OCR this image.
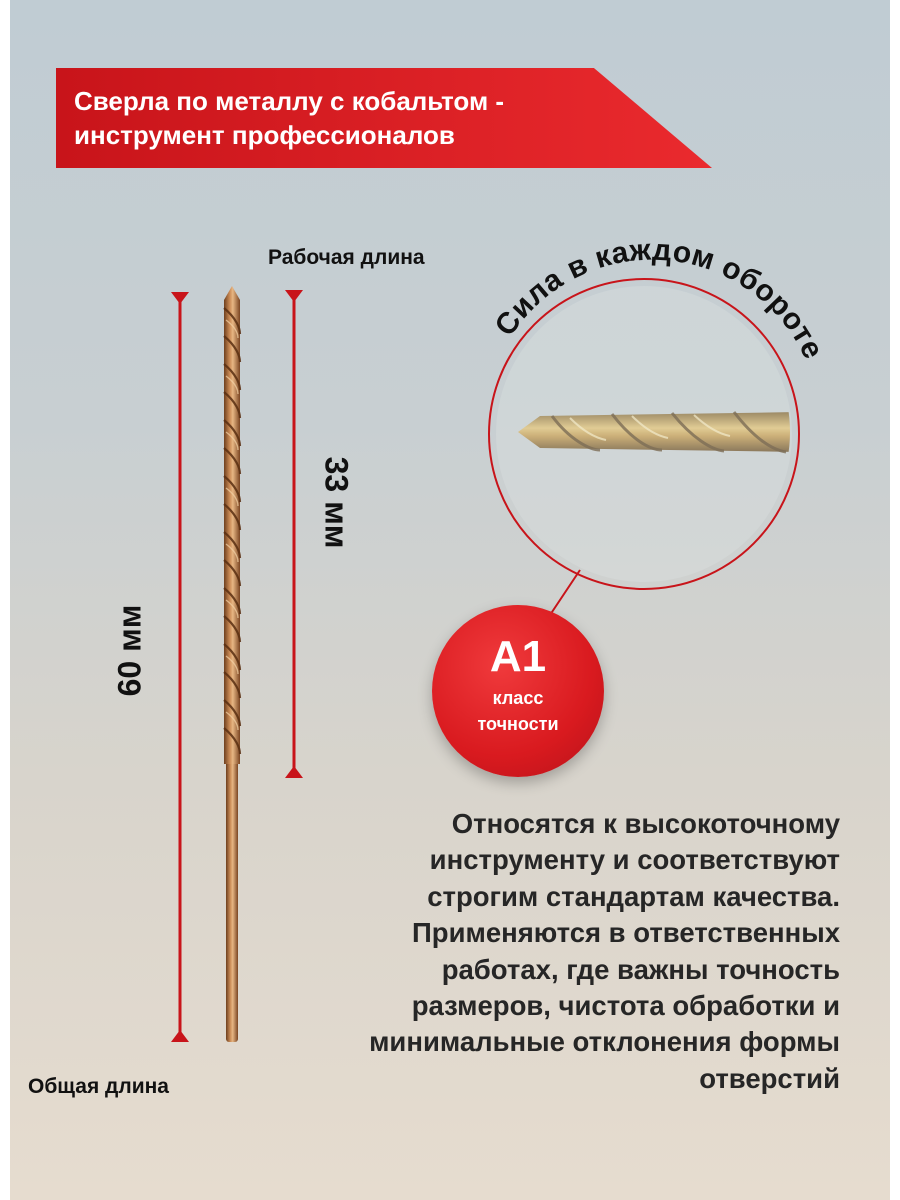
Сверла по металлу с кобальтом - инструмент профессионалов

Рабочая длина

Общая длина

Сила в каждом обороте

33 мм

60 мм	А1

класс
точности

Относятся к высокоточному инструменту и соответствуют строгим стандартам качества. Применяются в ответственных работах, где важны точность размеров, чистота обработки и минимальные отклонения формы отверстий
